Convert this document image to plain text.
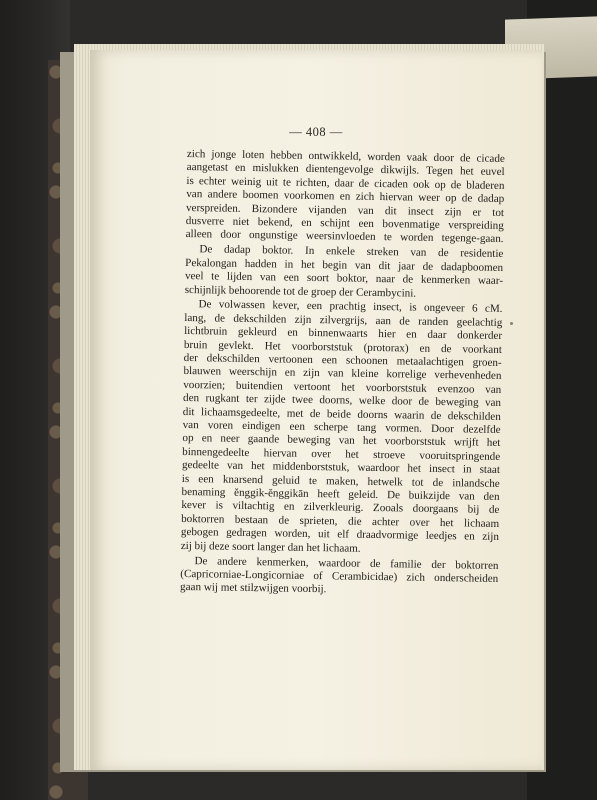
— 408 —
zich jonge loten hebben ontwikkeld, worden vaak door de cicade
aangetast en mislukken dientengevolge dikwijls. Tegen het euvel
is echter weinig uit te richten, daar de cicaden ook op de bladeren
van andere boomen voorkomen en zich hiervan weer op de dadap
verspreiden. Bizondere vijanden van dit insect zijn er tot
dusverre niet bekend, en schijnt een bovenmatige verspreiding
alleen door ongunstige weersinvloeden te worden tegenge-gaan.
De dadap boktor. In enkele streken van de residentie
Pekalongan hadden in het begin van dit jaar de dadapboomen
veel te lijden van een soort boktor, naar de kenmerken waar-
schijnlijk behoorende tot de groep der Cerambycini.
De volwassen kever, een prachtig insect, is ongeveer 6 cM.
lang, de dekschilden zijn zilvergrijs, aan de randen geelachtig
lichtbruin gekleurd en binnenwaarts hier en daar donkerder
bruin gevlekt. Het voorborststuk (protorax) en de voorkant
der dekschilden vertoonen een schoonen metaalachtigen groen-
blauwen weerschijn en zijn van kleine korrelige verhevenheden
voorzien; buitendien vertoont het voorborststuk evenzoo van
den rugkant ter zijde twee doorns, welke door de beweging van
dit lichaamsgedeelte, met de beide doorns waarin de dekschilden
van voren eindigen een scherpe tang vormen. Door dezelfde
op en neer gaande beweging van het voorborststuk wrijft het
binnengedeelte hiervan over het stroeve vooruitspringende
gedeelte van het middenborststuk, waardoor het insect in staat
is een knarsend geluid te maken, hetwelk tot de inlandsche
benaming ĕnggik-ĕnggikān heeft geleid. De buikzijde van den
kever is viltachtig en zilverkleurig. Zooals doorgaans bij de
boktorren bestaan de sprieten, die achter over het lichaam
gebogen gedragen worden, uit elf draadvormige leedjes en zijn
zij bij deze soort langer dan het lichaam.
De andere kenmerken, waardoor de familie der boktorren
(Capricorniae-Longicorniae of Cerambicidae) zich onderscheiden
gaan wij met stilzwijgen voorbij.
